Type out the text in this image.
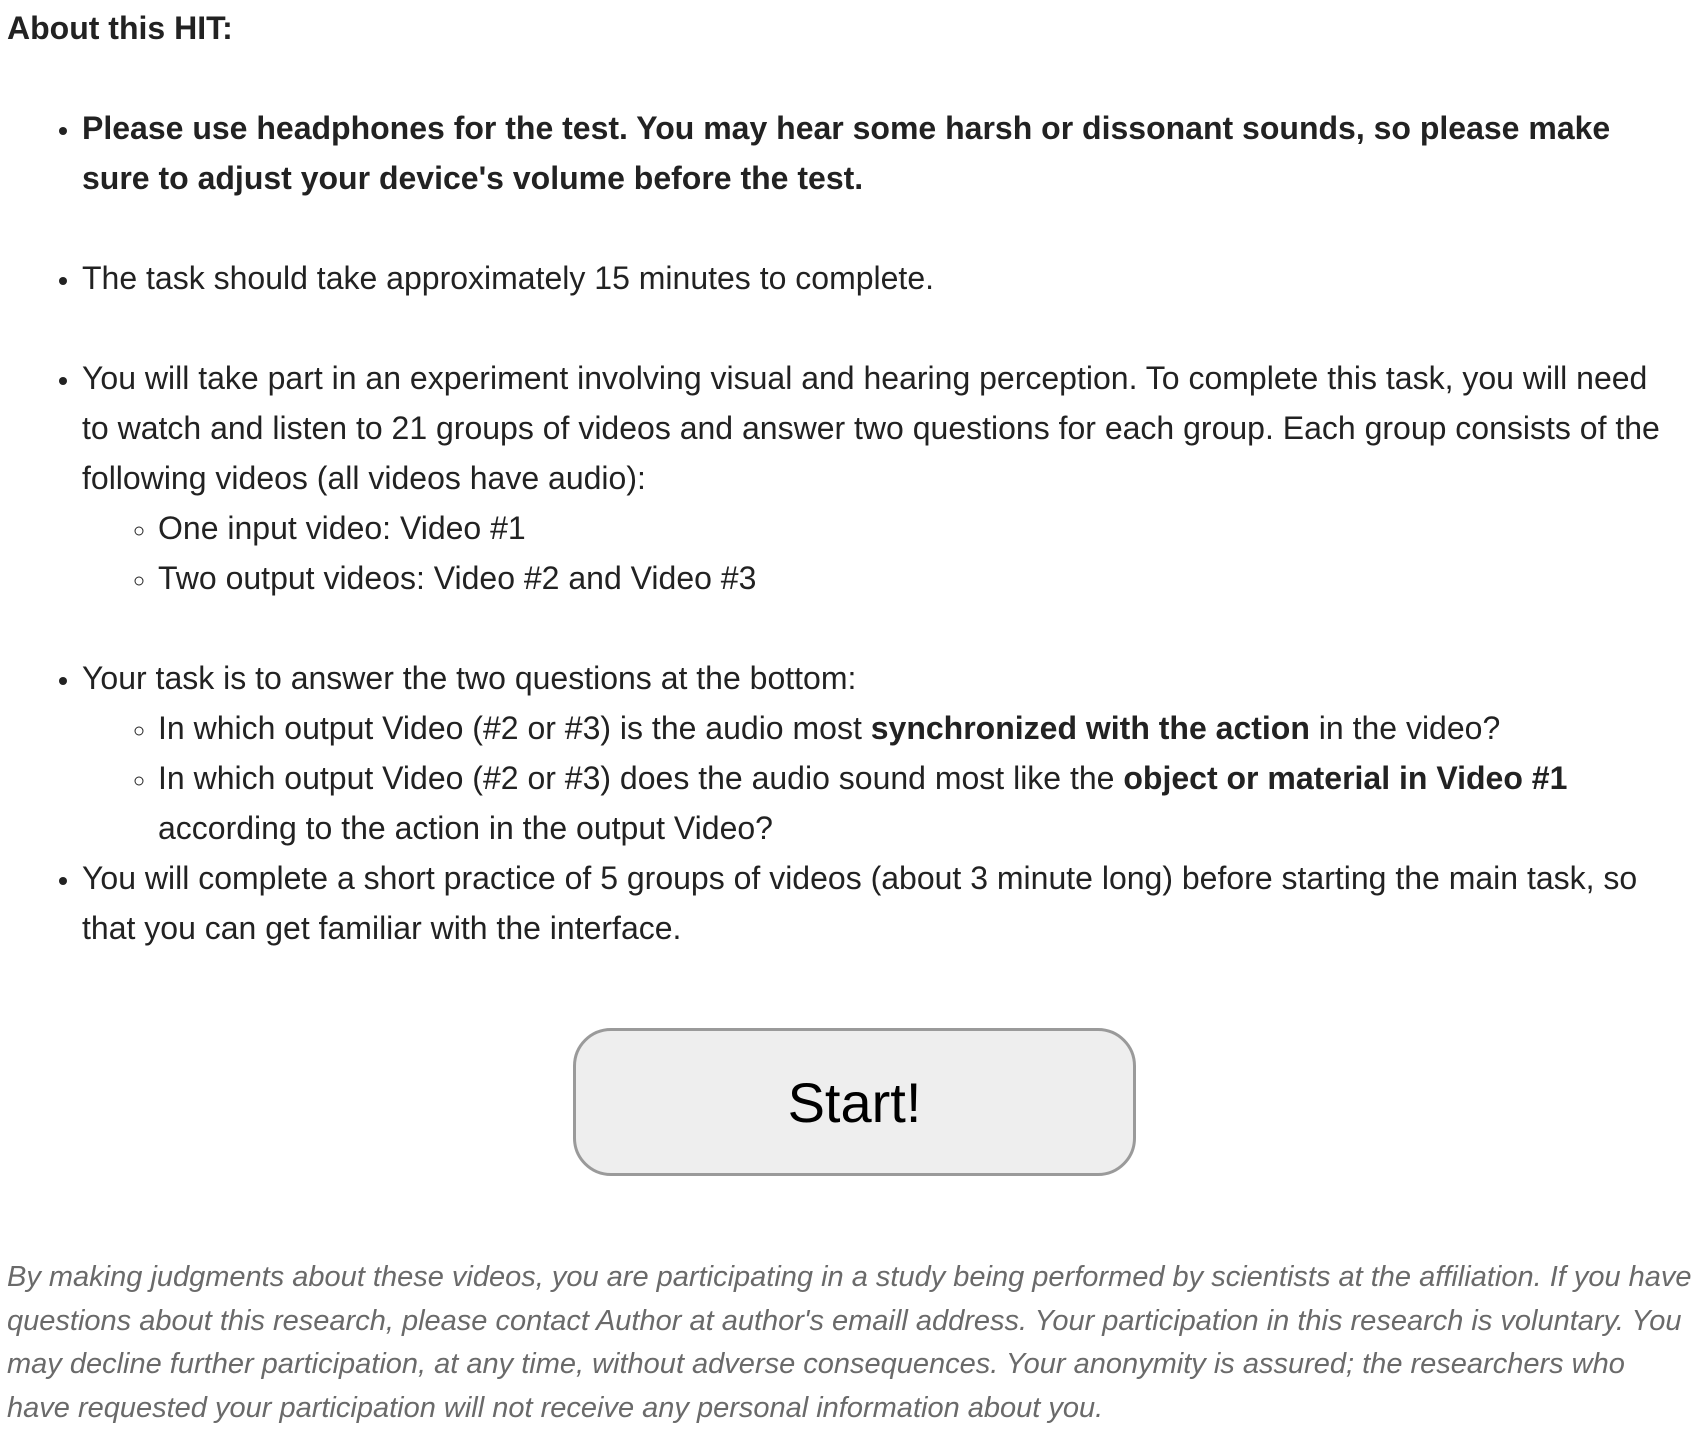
About this HIT:
• Please use headphones for the test. You may hear some harsh or dissonant sounds, so please make sure to adjust your device's volume before the test.
• The task should take approximately 15 minutes to complete.
• You will take part in an experiment involving visual and hearing perception. To complete this task, you will need to watch and listen to 21 groups of videos and answer two questions for each group. Each group consists of the following videos (all videos have audio):
◦ One input video: Video #1
◦ Two output videos: Video #2 and Video #3
• Your task is to answer the two questions at the bottom:
◦ In which output Video (#2 or #3) is the audio most synchronized with the action in the video?
◦ In which output Video (#2 or #3) does the audio sound most like the object or material in Video #1 according to the action in the output Video?
• You will complete a short practice of 5 groups of videos (about 3 minute long) before starting the main task, so that you can get familiar with the interface.
Start!

By making judgments about these videos, you are participating in a study being performed by scientists at the affiliation. If you have questions about this research, please contact Author at author's emaill address. Your participation in this research is voluntary. You may decline further participation, at any time, without adverse consequences. Your anonymity is assured; the researchers who have requested your participation will not receive any personal information about you.
